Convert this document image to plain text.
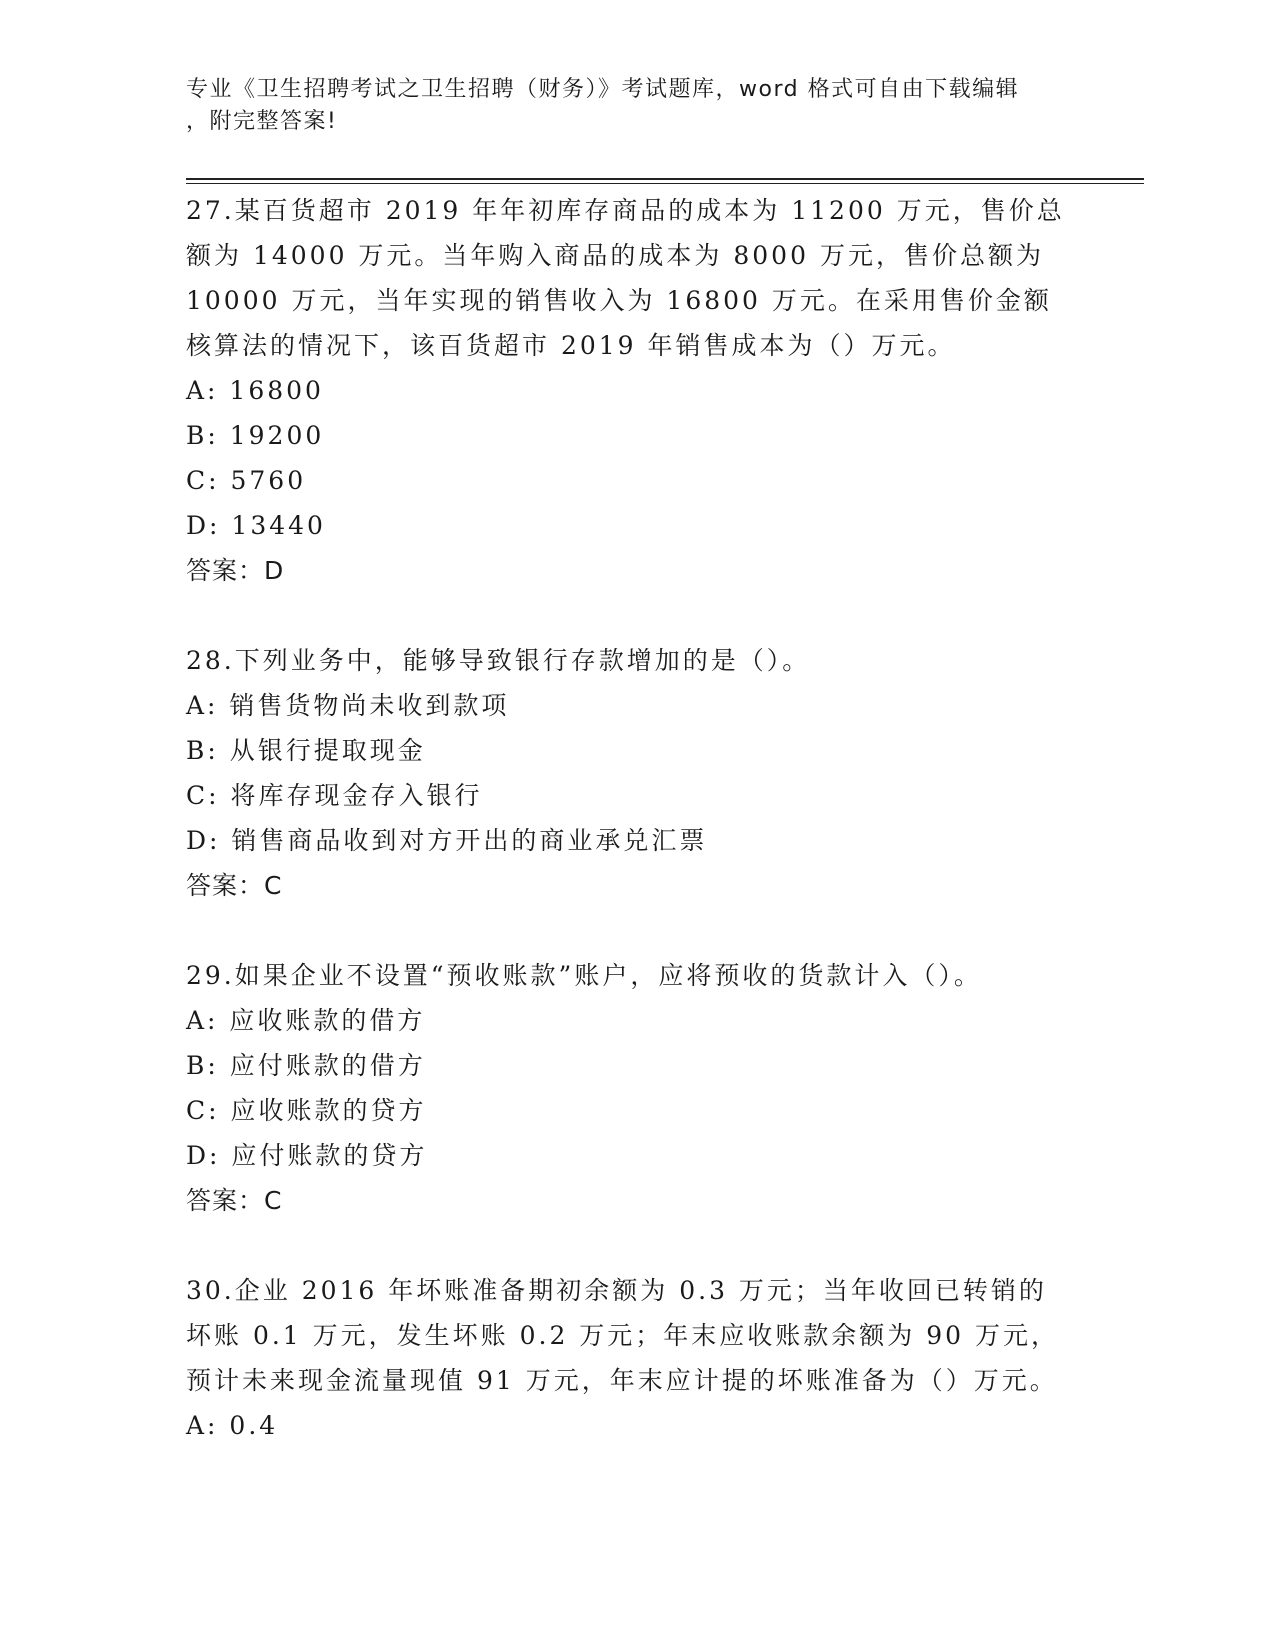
专业《卫生招聘考试之卫生招聘（财务）》考试题库，word 格式可自由下载编辑
，附完整答案!

27.某百货超市 2019 年年初库存商品的成本为 11200 万元，售价总额为 14000 万元。当年购入商品的成本为 8000 万元，售价总额为 10000 万元，当年实现的销售收入为 16800 万元。在采用售价金额核算法的情况下，该百货超市 2019 年销售成本为（）万元。

A: 16800

B: 19200

C: 5760

D: 13440

答案：D

28.下列业务中，能够导致银行存款增加的是（）。

A: 销售货物尚未收到款项

B: 从银行提取现金

C: 将库存现金存入银行

D: 销售商品收到对方开出的商业承兑汇票

答案：C

29.如果企业不设置“预收账款”账户，应将预收的货款计入（）。

A: 应收账款的借方

B: 应付账款的借方

C: 应收账款的贷方

D: 应付账款的贷方

答案：C

30.企业 2016 年坏账准备期初余额为 0.3 万元；当年收回已转销的坏账 0.1 万元，发生坏账 0.2 万元；年末应收账款余额为 90 万元，预计未来现金流量现值 91 万元，年末应计提的坏账准备为（）万元。

A: 0.4
